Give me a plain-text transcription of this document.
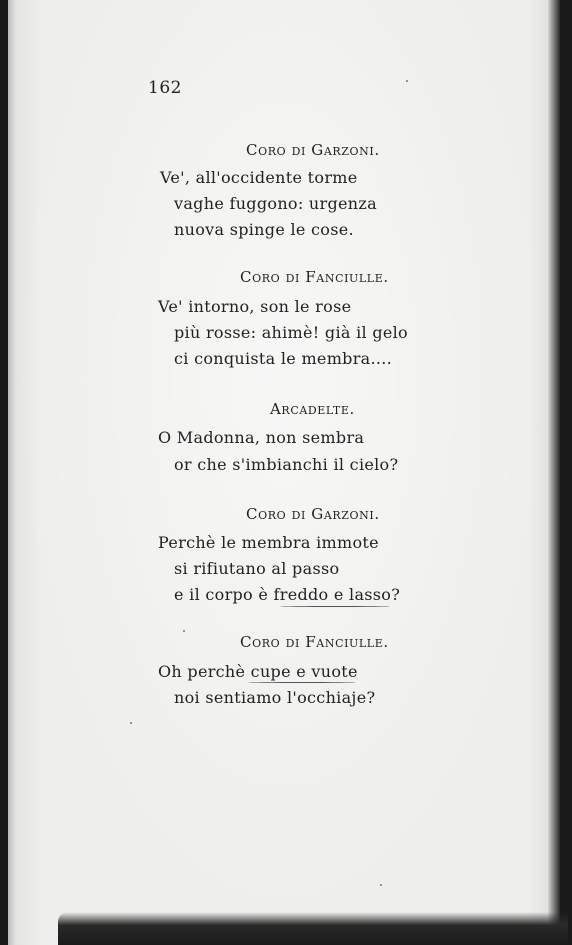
162
Coro di Garzoni.
Ve', all'occidente torme
vaghe fuggono: urgenza
nuova spinge le cose.
Coro di Fanciulle.
Ve' intorno, son le rose
più rosse: ahimè! già il gelo
ci conquista le membra....
Arcadelte.
O Madonna, non sembra
or che s'imbianchi il cielo?
Coro di Garzoni.
Perchè le membra immote
si rifiutano al passo
e il corpo è freddo e lasso?
Coro di Fanciulle.
Oh perchè cupe e vuote
noi sentiamo l'occhiaje?
